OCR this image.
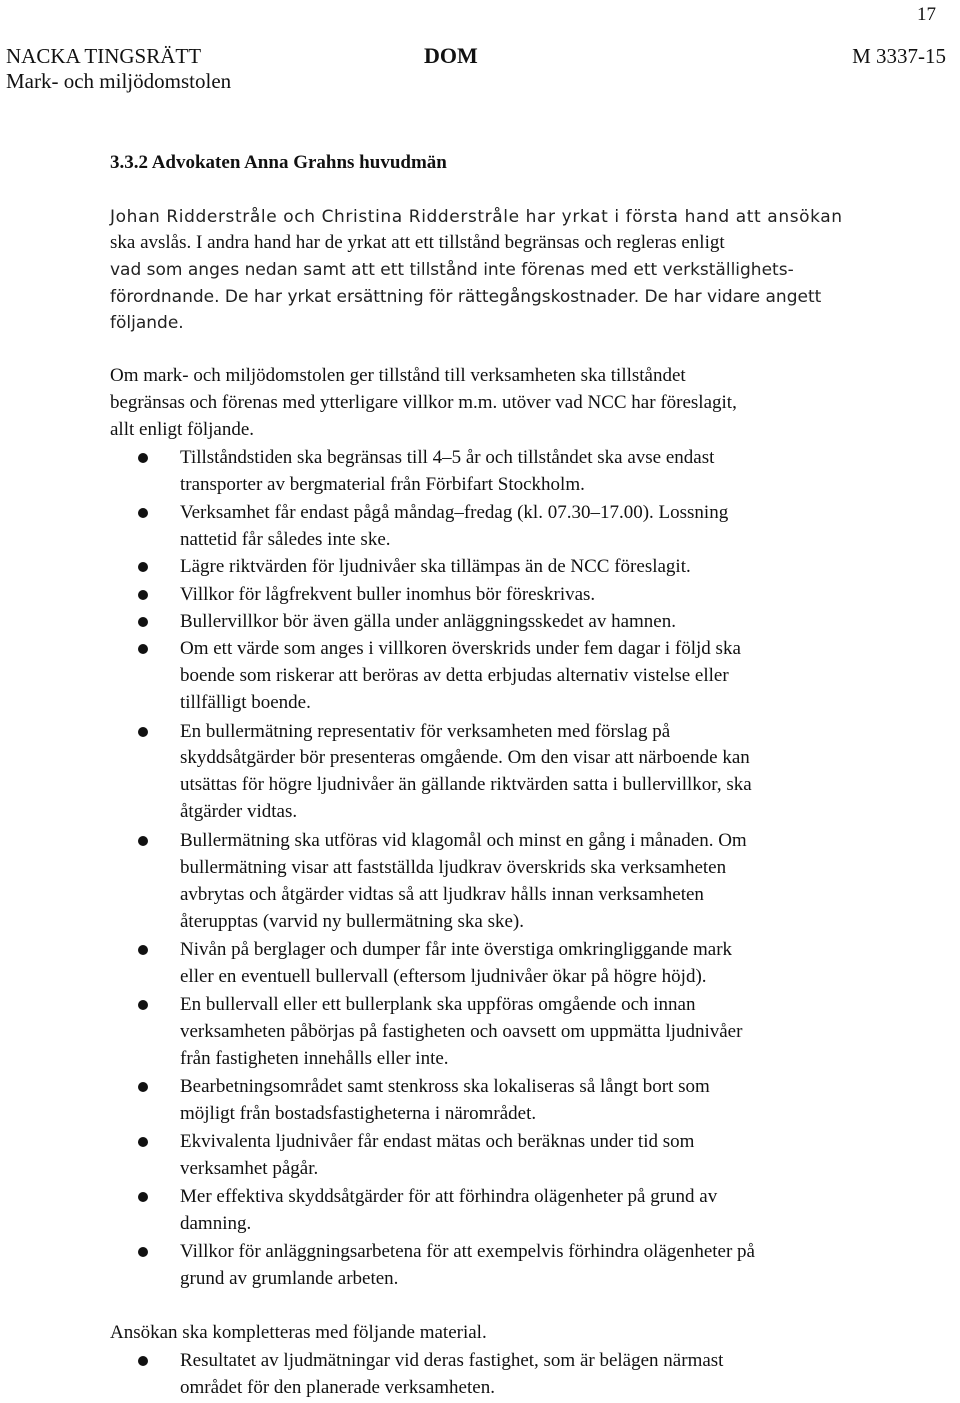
17
NACKA TINGSRÄTT
Mark- och miljödomstolen
DOM	M 3337-15
3.3.2 Advokaten Anna Grahns huvudmän
Johan Ridderstråle och Christina Ridderstråle har yrkat i första hand att ansökan
ska avslås. I andra hand har de yrkat att ett tillstånd begränsas och regleras enligt
vad som anges nedan samt att ett tillstånd inte förenas med ett verkställighets-
förordnande. De har yrkat ersättning för rättegångskostnader. De har vidare angett
följande.
Om mark- och miljödomstolen ger tillstånd till verksamheten ska tillståndet
begränsas och förenas med ytterligare villkor m.m. utöver vad NCC har föreslagit,
allt enligt följande.
Tillståndstiden ska begränsas till 4–5 år och tillståndet ska avse endast
transporter av bergmaterial från Förbifart Stockholm.
Verksamhet får endast pågå måndag–fredag (kl. 07.30–17.00). Lossning
nattetid får således inte ske.
Lägre riktvärden för ljudnivåer ska tillämpas än de NCC föreslagit.
Villkor för lågfrekvent buller inomhus bör föreskrivas.
Bullervillkor bör även gälla under anläggningsskedet av hamnen.
Om ett värde som anges i villkoren överskrids under fem dagar i följd ska
boende som riskerar att beröras av detta erbjudas alternativ vistelse eller
tillfälligt boende.
En bullermätning representativ för verksamheten med förslag på
skyddsåtgärder bör presenteras omgående. Om den visar att närboende kan
utsättas för högre ljudnivåer än gällande riktvärden satta i bullervillkor, ska
åtgärder vidtas.
Bullermätning ska utföras vid klagomål och minst en gång i månaden. Om
bullermätning visar att fastställda ljudkrav överskrids ska verksamheten
avbrytas och åtgärder vidtas så att ljudkrav hålls innan verksamheten
återupptas (varvid ny bullermätning ska ske).
Nivån på berglager och dumper får inte överstiga omkringliggande mark
eller en eventuell bullervall (eftersom ljudnivåer ökar på högre höjd).
En bullervall eller ett bullerplank ska uppföras omgående och innan
verksamheten påbörjas på fastigheten och oavsett om uppmätta ljudnivåer
från fastigheten innehålls eller inte.
Bearbetningsområdet samt stenkross ska lokaliseras så långt bort som
möjligt från bostadsfastigheterna i närområdet.
Ekvivalenta ljudnivåer får endast mätas och beräknas under tid som
verksamhet pågår.
Mer effektiva skyddsåtgärder för att förhindra olägenheter på grund av
damning.
Villkor för anläggningsarbetena för att exempelvis förhindra olägenheter på
grund av grumlande arbeten.
Ansökan ska kompletteras med följande material.
Resultatet av ljudmätningar vid deras fastighet, som är belägen närmast
området för den planerade verksamheten.
